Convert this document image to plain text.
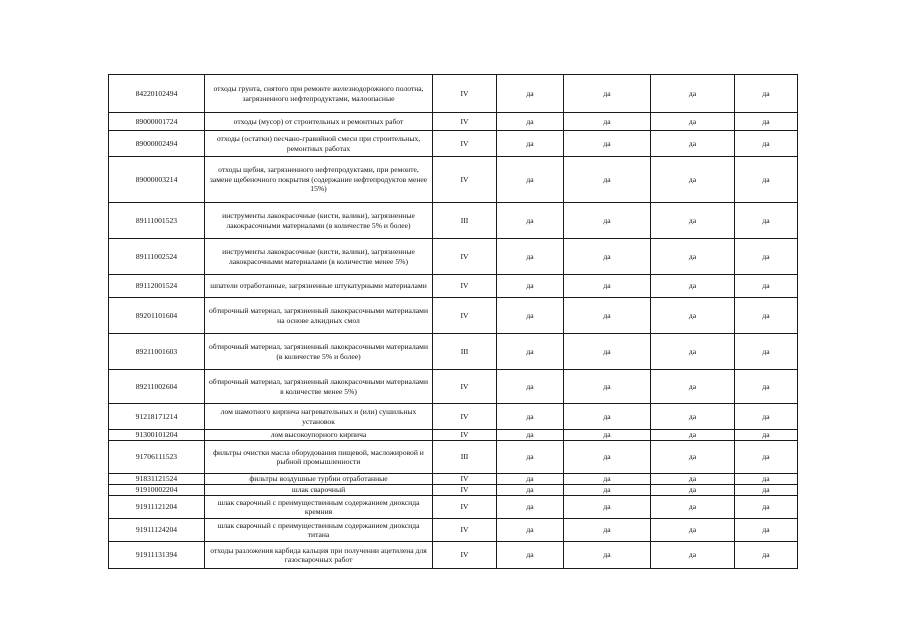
84220102494	отходы грунта, снятого при ремонте железнодорожного полотна, загрязненного нефтепродуктами, малоопасные	IV	да	да	да	да
89000001724	отходы (мусор) от строительных и ремонтных работ	IV	да	да	да	да
89000002494	отходы (остатки) песчано-гравийной смеси при строительных, ремонтных работах	IV	да	да	да	да
89000003214	отходы щебня, загрязненного нефтепродуктами, при ремонте, замене щебеночного покрытия (содержание нефтепродуктов менее 15%)	IV	да	да	да	да
89111001523	инструменты лакокрасочные (кисти, валики), загрязненные лакокрасочными материалами (в количестве 5% и более)	III	да	да	да	да
89111002524	инструменты лакокрасочные (кисти, валики), загрязненные лакокрасочными материалами (в количестве менее 5%)	IV	да	да	да	да
89112001524	шпатели отработанные, загрязненные штукатурными материалами	IV	да	да	да	да
89201101604	обтирочный материал, загрязненный лакокрасочными материалами на основе алкидных смол	IV	да	да	да	да
89211001603	обтирочный материал, загрязненный лакокрасочными материалами (в количестве 5% и более)	III	да	да	да	да
89211002604	обтирочный материал, загрязненный лакокрасочными материалами в количестве менее 5%)	IV	да	да	да	да
91218171214	лом шамотного кирпича нагревательных и (или) сушильных установок	IV	да	да	да	да
91300101204	лом высокоупорного кирпича	IV	да	да	да	да
91706111523	фильтры очистки масла оборудования пищевой, масложировой и рыбной промышленности	III	да	да	да	да
91831121524	фильтры воздушные турбин отработанные	IV	да	да	да	да
91910002204	шлак сварочный	IV	да	да	да	да
91911121204	шлак сварочный с преимущественным содержанием диоксида кремния	IV	да	да	да	да
91911124204	шлак сварочный с преимущественным содержанием диоксида титана	IV	да	да	да	да
91911131394	отходы разложения карбида кальция при получении ацетилена для газосварочных работ	IV	да	да	да	да
